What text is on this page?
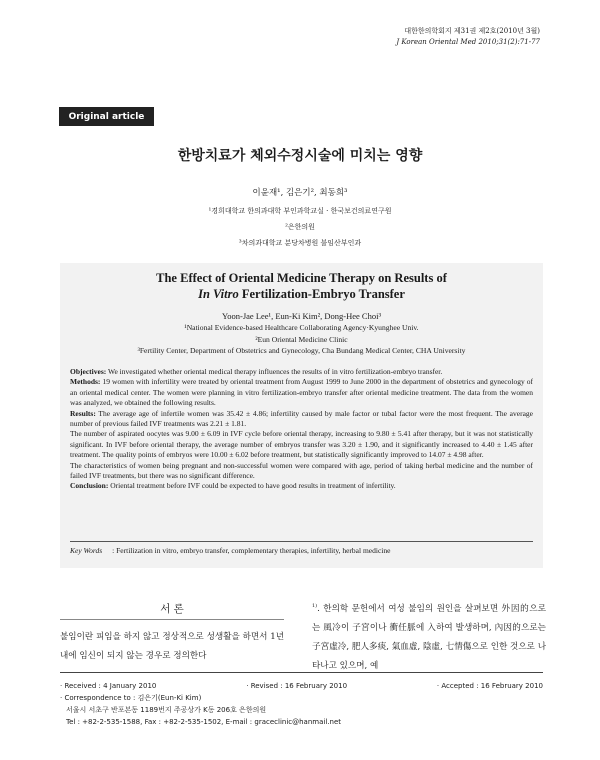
대한한의학회지 제31권 제2호(2010년 3월)
J Korean Oriental Med 2010;31(2):71-77
Original article
한방치료가 체외수정시술에 미치는 영향
이윤재¹, 김은기², 최동희³
¹경희대학교 한의과대학 부인과학교실 · 한국보건의료연구원
²은한의원
³차의과대학교 분당차병원 불임산부인과
The Effect of Oriental Medicine Therapy on Results of
In Vitro Fertilization-Embryo Transfer
Yoon-Jae Lee¹, Eun-Ki Kim², Dong-Hee Choi³
¹National Evidence-based Healthcare Collaborating Agency·Kyunghee Univ.
²Eun Oriental Medicine Clinic
³Fertility Center, Department of Obstetrics and Gynecology, Cha Bundang Medical Center, CHA University

Objectives: We investigated whether oriental medical therapy influences the results of in vitro fertilization-embryo transfer.

Methods: 19 women with infertility were treated by oriental treatment from August 1999 to June 2000 in the department of obstetrics and gynecology of an oriental medical center. The women were planning in vitro fertilization-embryo transfer after oriental medicine treatment. The data from the women was analyzed, we obtained the following results.

Results: The average age of infertile women was 35.42 ± 4.86; infertility caused by male factor or tubal factor were the most frequent. The average number of previous failed IVF treatments was 2.21 ± 1.81.

The number of aspirated oocytes was 9.00 ± 6.09 in IVF cycle before oriental therapy, increasing to 9.80 ± 5.41 after therapy, but it was not statistically significant. In IVF before oriental therapy, the average number of embryos transfer was 3.20 ± 1.90, and it significantly increased to 4.40 ± 1.45 after treatment. The quality points of embryos were 10.00 ± 6.02 before treatment, but statistically significantly improved to 14.07 ± 4.98 after.

The characteristics of women being pregnant and non-successful women were compared with age, period of taking herbal medicine and the number of failed IVF treatments, but there was no significant difference.

Conclusion: Oriental treatment before IVF could be expected to have good results in treatment of infertility.

Key Words : Fertilization in vitro, embryo transfer, complementary therapies, infertility, herbal medicine
서 론
불임이란 피임을 하지 않고 정상적으로 성생활을 하면서 1년 내에 임신이 되지 않는 경우로 정의한다
$^{1)}$. 한의학 문헌에서 여성 불임의 원인을 살펴보면 外因的으로는 風冷이 子宮이나 衝任脈에 入하여 발생하며, 內因的으로는 子宮虛冷, 肥人多痰, 氣血虛, 陰虛, 七情傷으로 인한 것으로 나타나고 있으며, 예
· Received : 4 January 2010	· Revised : 16 February 2010	· Accepted : 16 February 2010
· Correspondence to : 김은기(Eun-Ki Kim)
서울시 서초구 반포본동 1189번지 주공상가 K동 206호 은한의원
Tel : +82-2-535-1588, Fax : +82-2-535-1502, E-mail : graceclinic@hanmail.net
